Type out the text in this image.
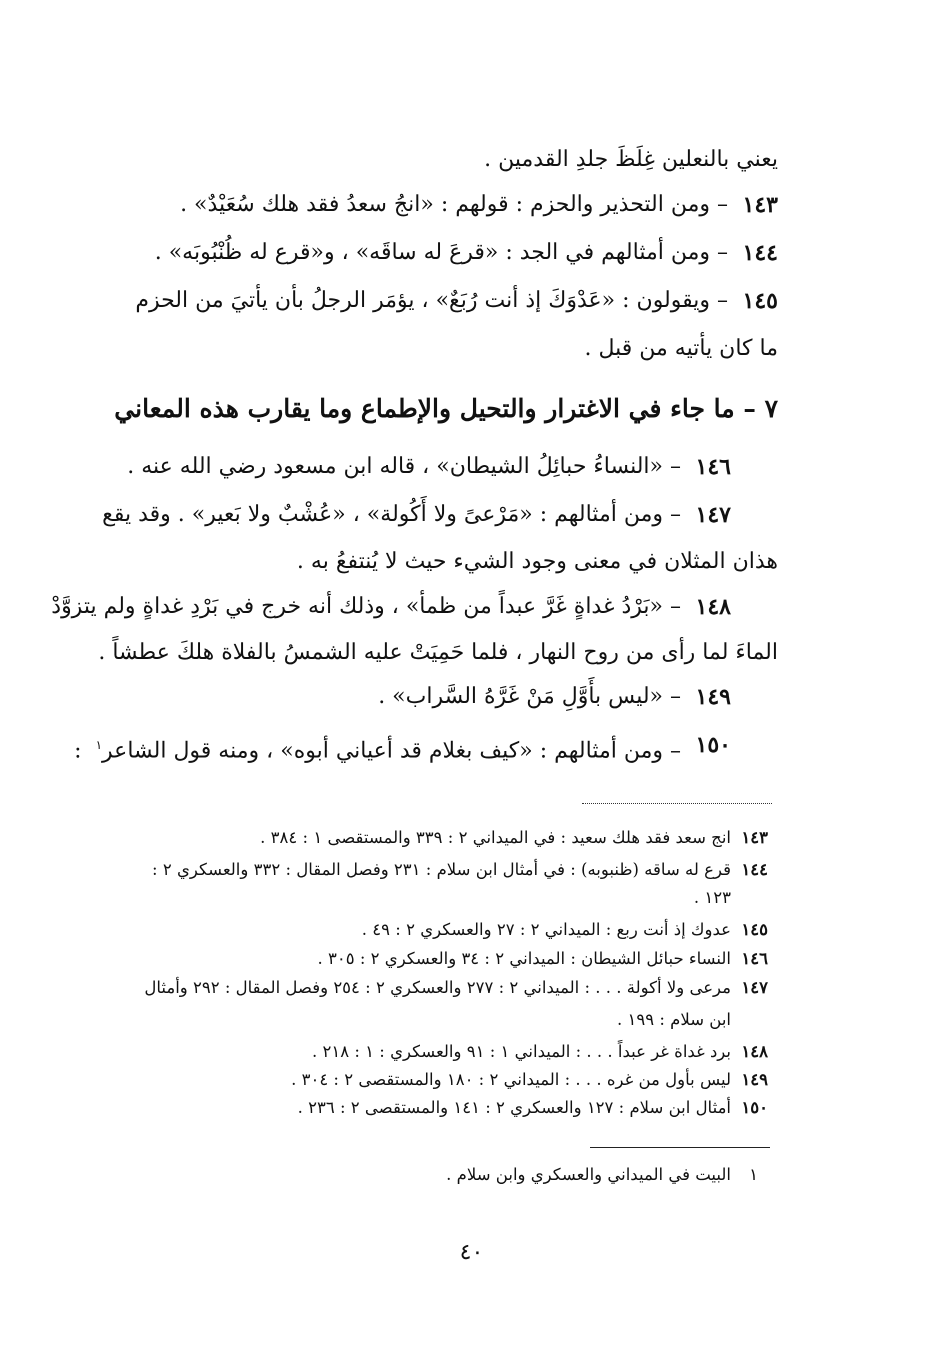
يعني بالنعلين غِلَظَ جلدِ القدمين .
١٤٣
– ومن التحذير والحزم : قولهم : «انجُ سعدُ فقد هلك سُعَيْدٌ» .
١٤٤
– ومن أمثالهم في الجد : «قرعَ له ساقَه» ، و«قرع له ظُنْبُوبَه» .
١٤٥
– ويقولون : «عَدْوَكَ إذ أنت رُبَعٌ» ، يؤمَر الرجلُ بأن يأتيَ من الحزم
ما كان يأتيه من قبل .
٧ – ما جاء في الاغترار والتحيل والإطماع وما يقارب هذه المعاني
١٤٦
– «النساءُ حبائِلُ الشيطان» ، قاله ابن مسعود رضي الله عنه .
١٤٧
– ومن أمثالهم : «مَرْعىً ولا أَكُولة» ، «عُشْبٌ ولا بَعير» . وقد يقع
هذان المثلان في معنى وجود الشيء حيث لا يُنتفعُ به .
١٤٨
– «بَرْدُ غداةٍ غَرَّ عبداً من ظمأ» ، وذلك أنه خرج في بَرْدِ غداةٍ ولم يتزوَّدْ
الماءَ لما رأى من روح النهار ، فلما حَمِيَتْ عليه الشمسُ بالفلاة هلكَ عطشاً .
١٤٩
– «ليس بأَوَّلِ مَنْ غَرَّهُ السَّراب» .
١٥٠
– ومن أمثالهم : «كيف بغلام قد أعياني أبوه» ، ومنه قول الشاعر$^١$  :
١٤٣
انج سعد فقد هلك سعيد : في الميداني ٢ : ٣٣٩ والمستقصى ١ : ٣٨٤ .
١٤٤
قرع له ساقه (ظنبوبه) : في أمثال ابن سلام : ٢٣١ وفصل المقال : ٣٣٢ والعسكري ٢ :
١٢٣ .
١٤٥
عدوك إذ أنت ربع : الميداني ٢ : ٢٧ والعسكري ٢ : ٤٩ .
١٤٦
النساء حبائل الشيطان : الميداني ٢ : ٣٤ والعسكري ٢ : ٣٠٥ .
١٤٧
مرعى ولا أكولة . . . : الميداني ٢ : ٢٧٧ والعسكري ٢ : ٢٥٤ وفصل المقال : ٢٩٢ وأمثال
ابن سلام : ١٩٩ .
١٤٨
برد غداة غر عبداً . . . : الميداني ١ : ٩١ والعسكري : ١ : ٢١٨ .
١٤٩
ليس بأول من غره . . . : الميداني ٢ : ١٨٠ والمستقصى ٢ : ٣٠٤ .
١٥٠
أمثال ابن سلام : ١٢٧ والعسكري ٢ : ١٤١ والمستقصى ٢ : ٢٣٦ .
١
البيت في الميداني والعسكري وابن سلام .
٤٠
